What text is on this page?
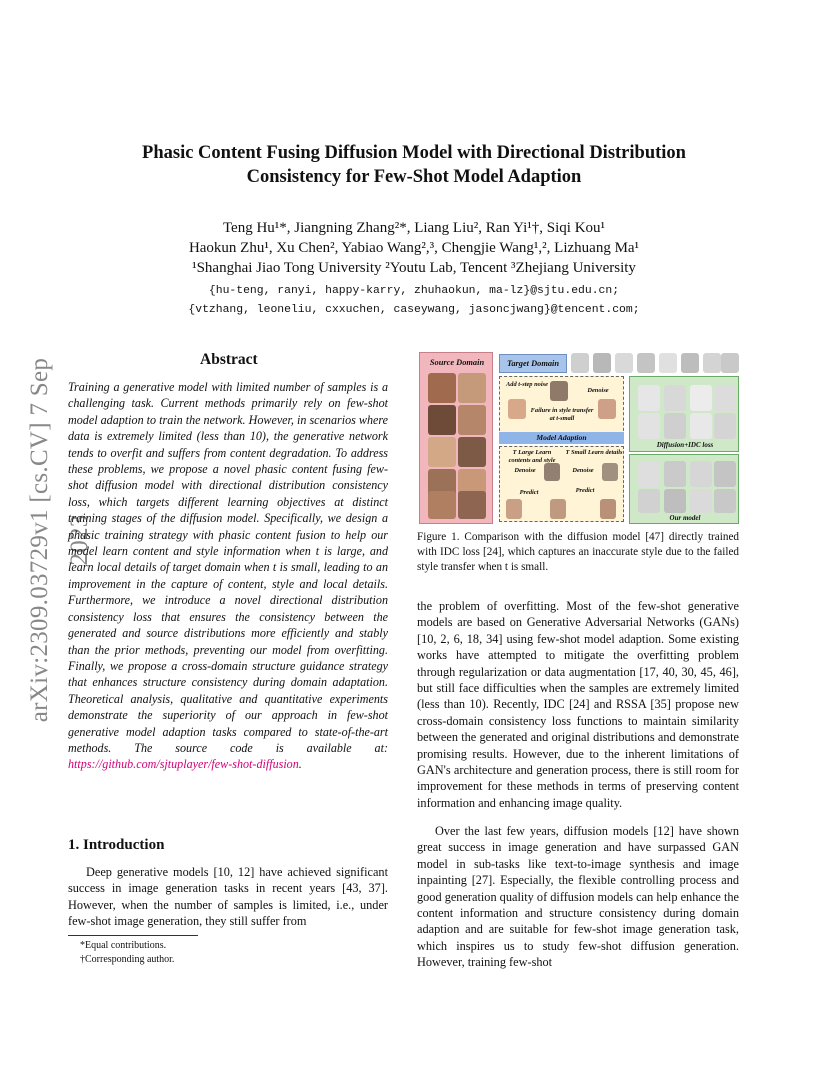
arXiv:2309.03729v1 [cs.CV] 7 Sep 2023
Phasic Content Fusing Diffusion Model with Directional Distribution
Consistency for Few-Shot Model Adaption
Teng Hu¹*, Jiangning Zhang²*, Liang Liu², Ran Yi¹†, Siqi Kou¹
Haokun Zhu¹, Xu Chen², Yabiao Wang²,³, Chengjie Wang¹,², Lizhuang Ma¹
¹Shanghai Jiao Tong University ²Youtu Lab, Tencent ³Zhejiang University
{hu-teng, ranyi, happy-karry, zhuhaokun, ma-lz}@sjtu.edu.cn;
{vtzhang, leoneliu, cxxuchen, caseywang, jasoncjwang}@tencent.com;
Abstract
Training a generative model with limited number of samples is a challenging task. Current methods primarily rely on few-shot model adaption to train the network. However, in scenarios where data is extremely limited (less than 10), the generative network tends to overfit and suffers from content degradation. To address these problems, we propose a novel phasic content fusing few-shot diffusion model with directional distribution consistency loss, which targets different learning objectives at distinct training stages of the diffusion model. Specifically, we design a phasic training strategy with phasic content fusion to help our model learn content and style information when t is large, and learn local details of target domain when t is small, leading to an improvement in the capture of content, style and local details. Furthermore, we introduce a novel directional distribution consistency loss that ensures the consistency between the generated and source distributions more efficiently and stably than the prior methods, preventing our model from overfitting. Finally, we propose a cross-domain structure guidance strategy that enhances structure consistency during domain adaptation. Theoretical analysis, qualitative and quantitative experiments demonstrate the superiority of our approach in few-shot generative model adaption tasks compared to state-of-the-art methods. The source code is available at: https://github.com/sjtuplayer/few-shot-diffusion.
1. Introduction
Deep generative models [10, 12] have achieved significant success in image generation tasks in recent years [43, 37]. However, when the number of samples is limited, i.e., under few-shot image generation, they still suffer from
*Equal contributions.
†Corresponding author.
Source Domain	Target Domain
Add t-step noise
Denoise
Failure in style transfer at t-small
Model Adaption
T Large Learn contents and style
T Small Learn details
Denoise	Denoise
Predict	Predict
Diffusion+IDC loss
Our model
Figure 1. Comparison with the diffusion model [47] directly trained with IDC loss [24], which captures an inaccurate style due to the failed style transfer when t is small.
the problem of overfitting. Most of the few-shot generative models are based on Generative Adversarial Networks (GANs) [10, 2, 6, 18, 34] using few-shot model adaption. Some existing works have attempted to mitigate the overfitting problem through regularization or data augmentation [17, 40, 30, 45, 46], but still face difficulties when the samples are extremely limited (less than 10). Recently, IDC [24] and RSSA [35] propose new cross-domain consistency loss functions to maintain similarity between the generated and original distributions and demonstrate promising results. However, due to the inherent limitations of GAN's architecture and generation process, there is still room for improvement for these methods in terms of preserving content information and enhancing image quality.
Over the last few years, diffusion models [12] have shown great success in image generation and have surpassed GAN model in sub-tasks like text-to-image synthesis and image inpainting [27]. Especially, the flexible controlling process and good generation quality of diffusion models can help enhance the content information and structure consistency during domain adaption and are suitable for few-shot image generation task, which inspires us to study few-shot diffusion generation. However, training few-shot
